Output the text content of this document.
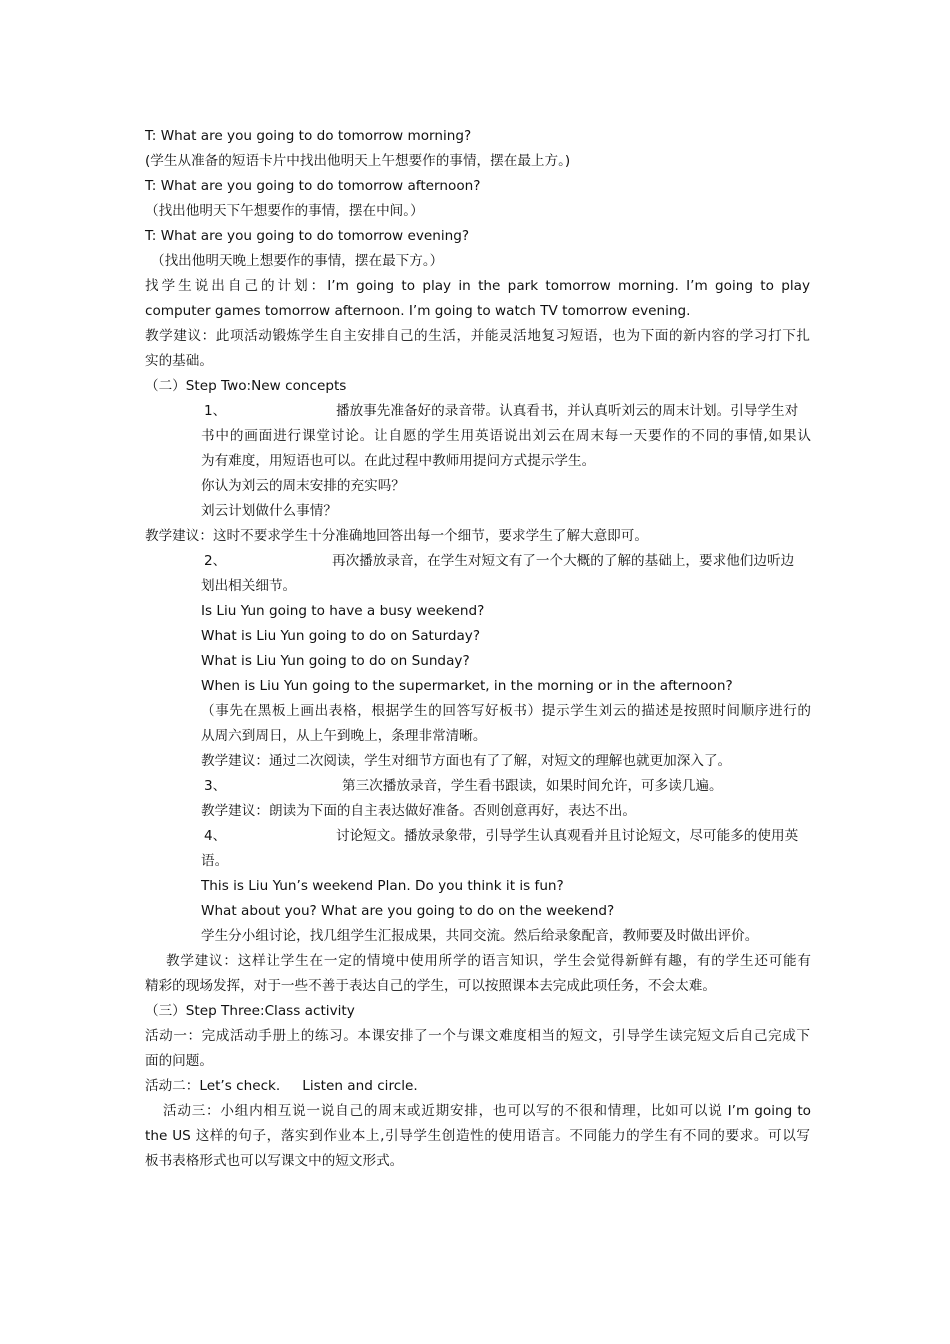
T: What are you going to do tomorrow morning?
(学生从准备的短语卡片中找出他明天上午想要作的事情，摆在最上方。)
T: What are you going to do tomorrow afternoon?
（找出他明天下午想要作的事情，摆在中间。）
T: What are you going to do tomorrow evening?
（找出他明天晚上想要作的事情，摆在最下方。）
找学生说出自己的计划：I’m going to play in the park tomorrow morning. I’m going to play
computer games tomorrow afternoon. I’m going to watch TV tomorrow evening.
教学建议：此项活动锻炼学生自主安排自己的生活，并能灵活地复习短语，也为下面的新内容的学习打下扎
实的基础。
（二）Step Two:New concepts
1、	播放事先准备好的录音带。认真看书，并认真听刘云的周末计划。引导学生对
书中的画面进行课堂讨论。让自愿的学生用英语说出刘云在周末每一天要作的不同的事情,如果认
为有难度，用短语也可以。在此过程中教师用提问方式提示学生。
你认为刘云的周末安排的充实吗？
刘云计划做什么事情？
教学建议：这时不要求学生十分准确地回答出每一个细节，要求学生了解大意即可。
2、	再次播放录音，在学生对短文有了一个大概的了解的基础上，要求他们边听边
划出相关细节。
Is Liu Yun going to have a busy weekend?
What is Liu Yun going to do on Saturday?
What is Liu Yun going to do on Sunday?
When is Liu Yun going to the supermarket, in the morning or in the afternoon?
（事先在黑板上画出表格，根据学生的回答写好板书）提示学生刘云的描述是按照时间顺序进行的
从周六到周日，从上午到晚上，条理非常清晰。
教学建议：通过二次阅读，学生对细节方面也有了了解，对短文的理解也就更加深入了。
3、	第三次播放录音，学生看书跟读，如果时间允许，可多读几遍。
教学建议：朗读为下面的自主表达做好准备。否则创意再好，表达不出。
4、	讨论短文。播放录象带，引导学生认真观看并且讨论短文，尽可能多的使用英
语。
This is Liu Yun’s weekend Plan. Do you think it is fun?
What about you? What are you going to do on the weekend?
学生分小组讨论，找几组学生汇报成果，共同交流。然后给录象配音，教师要及时做出评价。
教学建议：这样让学生在一定的情境中使用所学的语言知识，学生会觉得新鲜有趣，有的学生还可能有
精彩的现场发挥，对于一些不善于表达自己的学生，可以按照课本去完成此项任务，不会太难。
（三）Step Three:Class activity
活动一：完成活动手册上的练习。本课安排了一个与课文难度相当的短文，引导学生读完短文后自己完成下
面的问题。
活动二：Let’s check. Listen and circle.
活动三：小组内相互说一说自己的周末或近期安排，也可以写的不很和情理，比如可以说 I’m going to
the US 这样的句子，落实到作业本上,引导学生创造性的使用语言。不同能力的学生有不同的要求。可以写
板书表格形式也可以写课文中的短文形式。
